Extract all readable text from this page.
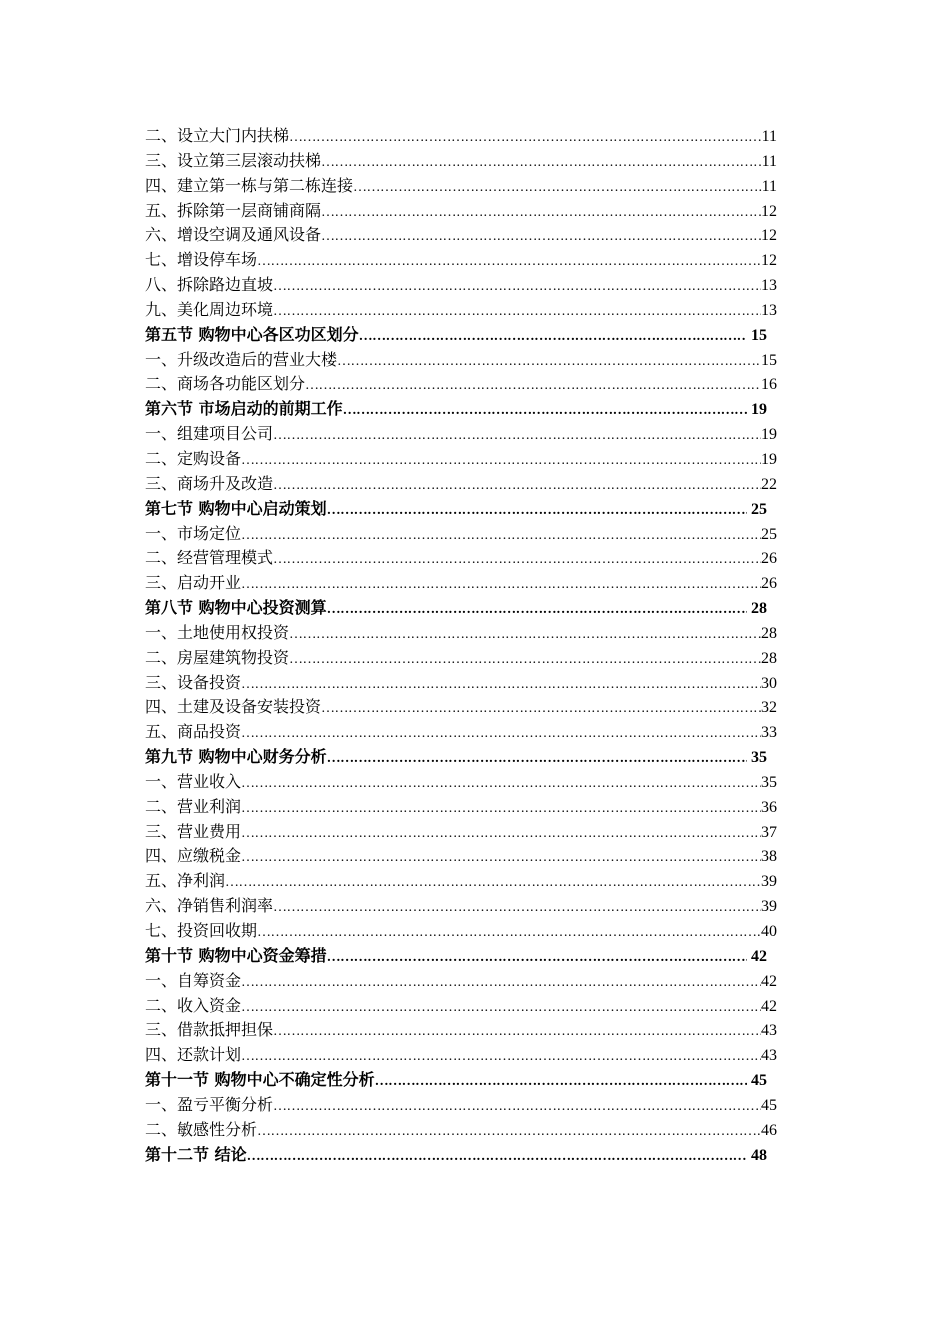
二、设立大门内扶梯 ………………………………………………………………………………………………………………………………………………………………………………………………………………………………………………………………………………………………………………………………	11
三、设立第三层滚动扶梯 ………………………………………………………………………………………………………………………………………………………………………………………………………………………………………………………………………………………………………………………………	11
四、建立第一栋与第二栋连接 ………………………………………………………………………………………………………………………………………………………………………………………………………………………………………………………………………………………………………………………………	11
五、拆除第一层商铺商隔 ………………………………………………………………………………………………………………………………………………………………………………………………………………………………………………………………………………………………………………………………	12
六、增设空调及通风设备 ………………………………………………………………………………………………………………………………………………………………………………………………………………………………………………………………………………………………………………………………	12
七、增设停车场 ………………………………………………………………………………………………………………………………………………………………………………………………………………………………………………………………………………………………………………………………	12
八、拆除路边直坡 ………………………………………………………………………………………………………………………………………………………………………………………………………………………………………………………………………………………………………………………………	13
九、美化周边环境 ………………………………………………………………………………………………………………………………………………………………………………………………………………………………………………………………………………………………………………………………	13
第五节 购物中心各区功区划分 ………………………………………………………………………………………………………………………………………………………………………………………………………………………………………………………………………………………………………………………………	15
一、升级改造后的营业大楼 ………………………………………………………………………………………………………………………………………………………………………………………………………………………………………………………………………………………………………………………………	15
二、商场各功能区划分 ………………………………………………………………………………………………………………………………………………………………………………………………………………………………………………………………………………………………………………………………	16
第六节 市场启动的前期工作 ………………………………………………………………………………………………………………………………………………………………………………………………………………………………………………………………………………………………………………………………	19
一、组建项目公司 ………………………………………………………………………………………………………………………………………………………………………………………………………………………………………………………………………………………………………………………………	19
二、定购设备 ………………………………………………………………………………………………………………………………………………………………………………………………………………………………………………………………………………………………………………………………	19
三、商场升及改造 ………………………………………………………………………………………………………………………………………………………………………………………………………………………………………………………………………………………………………………………………	22
第七节 购物中心启动策划 ………………………………………………………………………………………………………………………………………………………………………………………………………………………………………………………………………………………………………………………………	25
一、市场定位 ………………………………………………………………………………………………………………………………………………………………………………………………………………………………………………………………………………………………………………………………	25
二、经营管理模式 ………………………………………………………………………………………………………………………………………………………………………………………………………………………………………………………………………………………………………………………………	26
三、启动开业 ………………………………………………………………………………………………………………………………………………………………………………………………………………………………………………………………………………………………………………………………	26
第八节 购物中心投资测算 ………………………………………………………………………………………………………………………………………………………………………………………………………………………………………………………………………………………………………………………………	28
一、土地使用权投资 ………………………………………………………………………………………………………………………………………………………………………………………………………………………………………………………………………………………………………………………………	28
二、房屋建筑物投资 ………………………………………………………………………………………………………………………………………………………………………………………………………………………………………………………………………………………………………………………………	28
三、设备投资 ………………………………………………………………………………………………………………………………………………………………………………………………………………………………………………………………………………………………………………………………	30
四、土建及设备安装投资 ………………………………………………………………………………………………………………………………………………………………………………………………………………………………………………………………………………………………………………………………	32
五、商品投资 ………………………………………………………………………………………………………………………………………………………………………………………………………………………………………………………………………………………………………………………………	33
第九节 购物中心财务分析 ………………………………………………………………………………………………………………………………………………………………………………………………………………………………………………………………………………………………………………………………	35
一、营业收入 ………………………………………………………………………………………………………………………………………………………………………………………………………………………………………………………………………………………………………………………………	35
二、营业利润 ………………………………………………………………………………………………………………………………………………………………………………………………………………………………………………………………………………………………………………………………	36
三、营业费用 ………………………………………………………………………………………………………………………………………………………………………………………………………………………………………………………………………………………………………………………………	37
四、应缴税金 ………………………………………………………………………………………………………………………………………………………………………………………………………………………………………………………………………………………………………………………………	38
五、净利润 ………………………………………………………………………………………………………………………………………………………………………………………………………………………………………………………………………………………………………………………………	39
六、净销售利润率 ………………………………………………………………………………………………………………………………………………………………………………………………………………………………………………………………………………………………………………………………	39
七、投资回收期 ………………………………………………………………………………………………………………………………………………………………………………………………………………………………………………………………………………………………………………………………	40
第十节 购物中心资金筹措 ………………………………………………………………………………………………………………………………………………………………………………………………………………………………………………………………………………………………………………………………	42
一、自筹资金 ………………………………………………………………………………………………………………………………………………………………………………………………………………………………………………………………………………………………………………………………	42
二、收入资金 ………………………………………………………………………………………………………………………………………………………………………………………………………………………………………………………………………………………………………………………………	42
三、借款抵押担保 ………………………………………………………………………………………………………………………………………………………………………………………………………………………………………………………………………………………………………………………………	43
四、还款计划 ………………………………………………………………………………………………………………………………………………………………………………………………………………………………………………………………………………………………………………………………	43
第十一节 购物中心不确定性分析 ………………………………………………………………………………………………………………………………………………………………………………………………………………………………………………………………………………………………………………………………	45
一、盈亏平衡分析 ………………………………………………………………………………………………………………………………………………………………………………………………………………………………………………………………………………………………………………………………	45
二、敏感性分析 ………………………………………………………………………………………………………………………………………………………………………………………………………………………………………………………………………………………………………………………………	46
第十二节 结论 ………………………………………………………………………………………………………………………………………………………………………………………………………………………………………………………………………………………………………………………………	48
